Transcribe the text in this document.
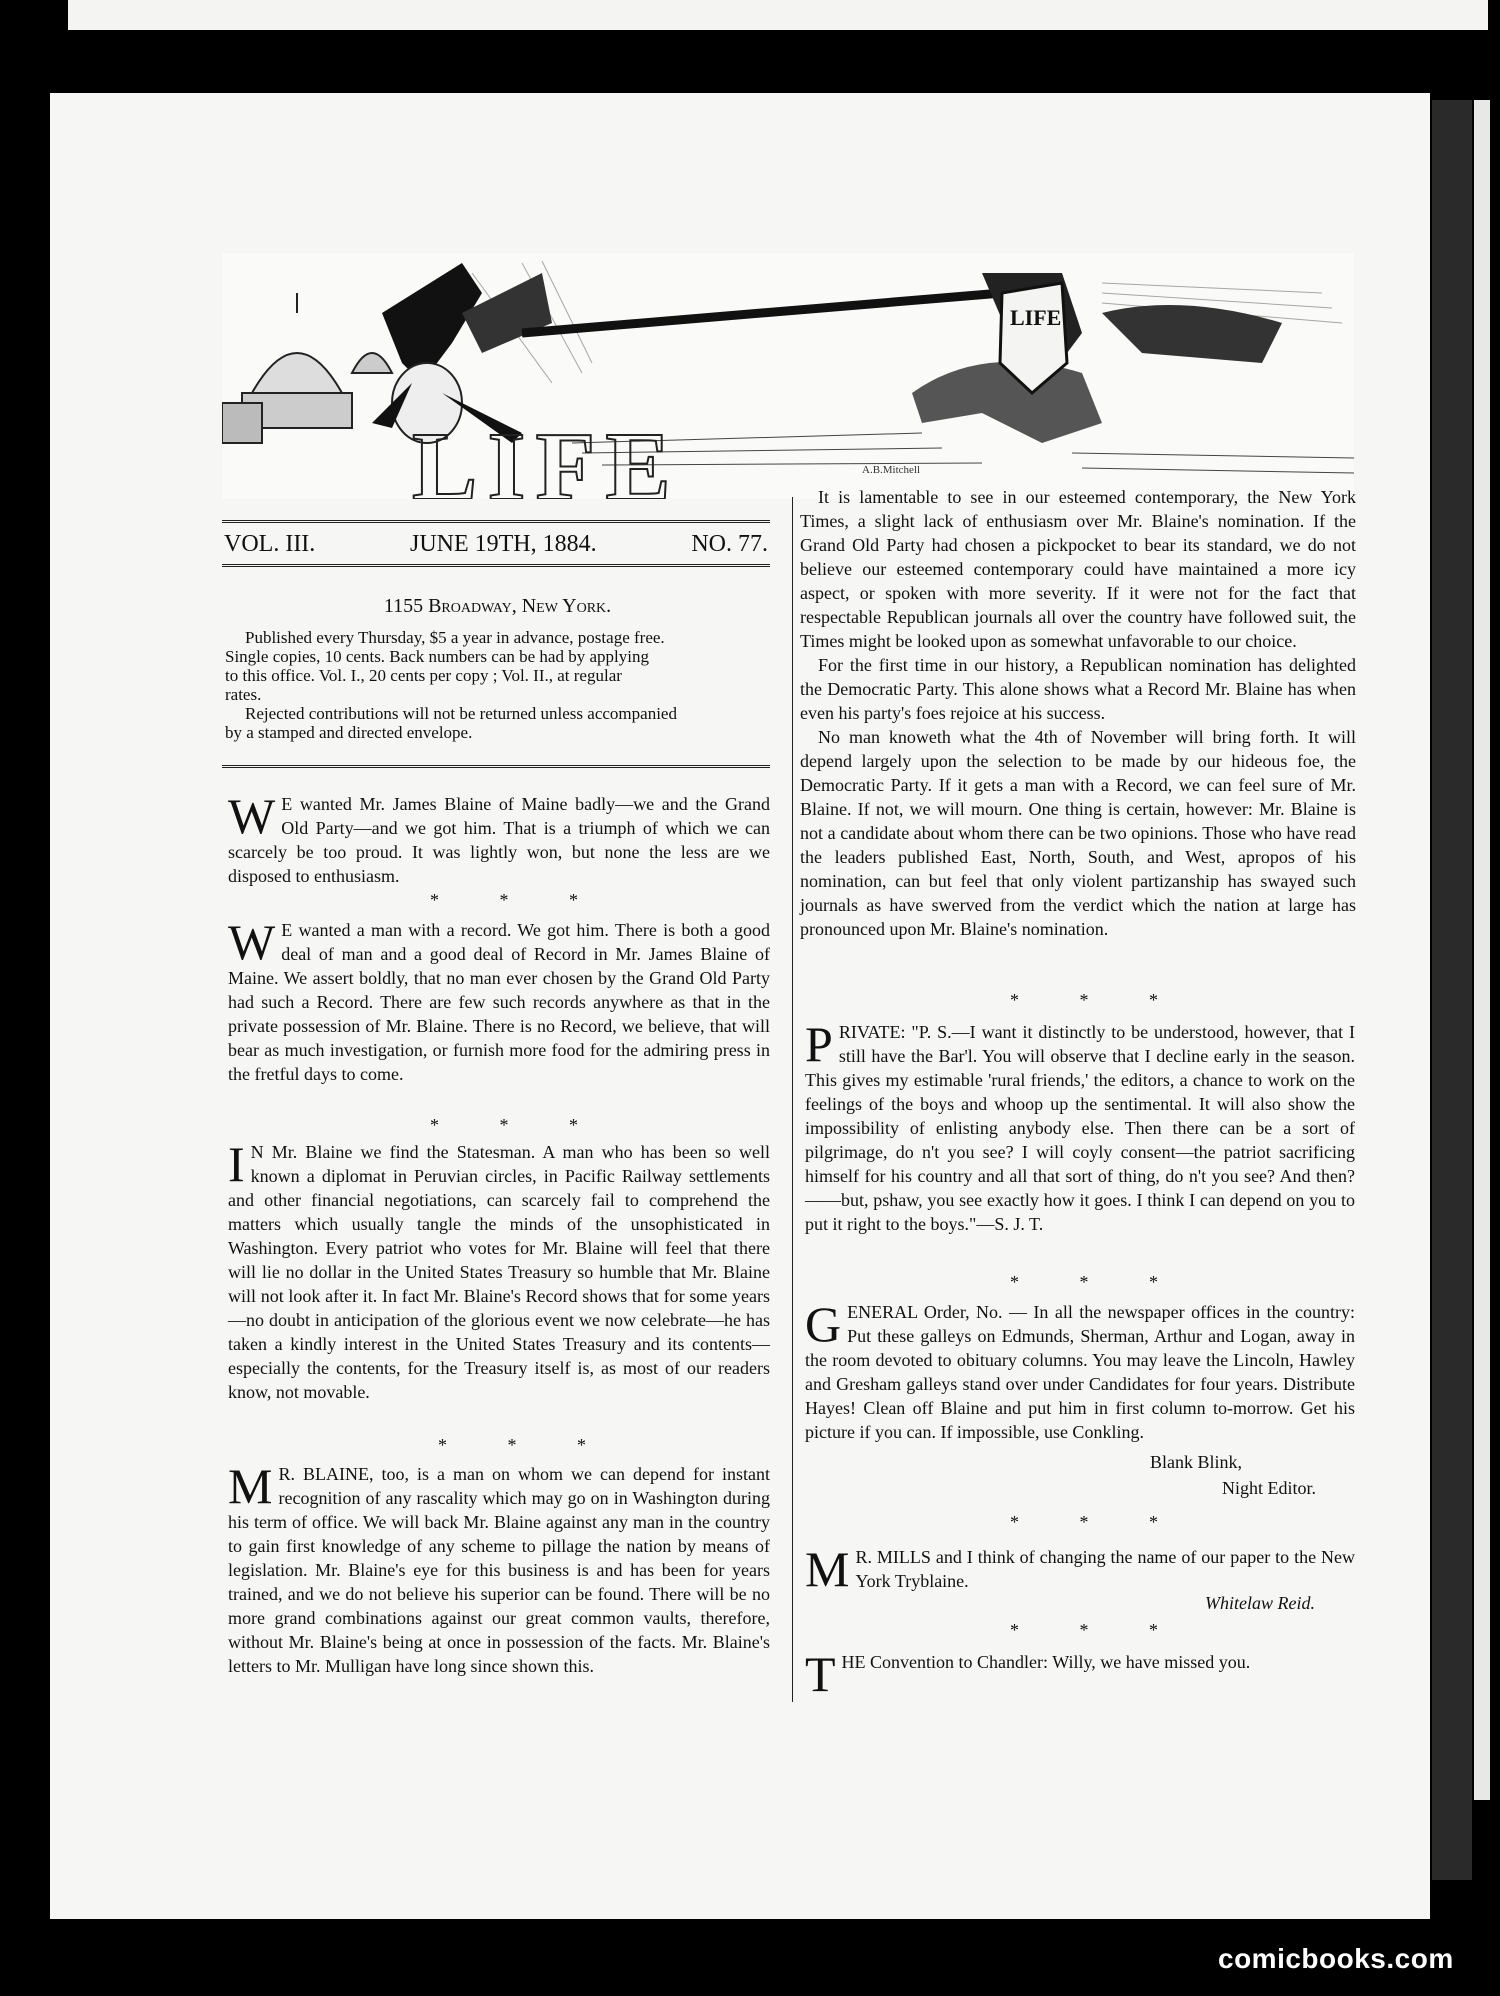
LIFE
A.B.Mitchell
LIFE
VOL. III.	JUNE 19TH, 1884.	NO. 77.
1155 Broadway, New York.

Published every Thursday, $5 a year in advance, postage free.
Single copies, 10 cents. Back numbers can be had by applying
to this office. Vol. I., 20 cents per copy ; Vol. II., at regular
rates.
Rejected contributions will not be returned unless accompanied
by a stamped and directed envelope.

W E wanted Mr. James Blaine of Maine badly—we and the Grand Old Party—and we got him. That is a triumph of which we can scarcely be too proud. It was lightly won, but none the less are we disposed to enthusiasm.

* * *
W E wanted a man with a record. We got him. There is both a good deal of man and a good deal of Record in Mr. James Blaine of Maine. We assert boldly, that no man ever chosen by the Grand Old Party had such a Record. There are few such records anywhere as that in the private possession of Mr. Blaine. There is no Record, we believe, that will bear as much investigation, or furnish more food for the admiring press in the fretful days to come.

* * *
I N Mr. Blaine we find the Statesman. A man who has been so well known a diplomat in Peruvian circles, in Pacific Railway settlements and other financial negotiations, can scarcely fail to comprehend the matters which usually tangle the minds of the unsophisticated in Washington. Every patriot who votes for Mr. Blaine will feel that there will lie no dollar in the United States Treasury so humble that Mr. Blaine will not look after it. In fact Mr. Blaine's Record shows that for some years—no doubt in anticipation of the glorious event we now celebrate—he has taken a kindly interest in the United States Treasury and its contents—especially the contents, for the Treasury itself is, as most of our readers know, not movable.

* * *
M R. BLAINE, too, is a man on whom we can depend for instant recognition of any rascality which may go on in Washington during his term of office. We will back Mr. Blaine against any man in the country to gain first knowledge of any scheme to pillage the nation by means of legislation. Mr. Blaine's eye for this business is and has been for years trained, and we do not believe his superior can be found. There will be no more grand combinations against our great common vaults, therefore, without Mr. Blaine's being at once in possession of the facts. Mr. Blaine's letters to Mr. Mulligan have long since shown this.

It is lamentable to see in our esteemed contemporary, the New York Times, a slight lack of enthusiasm over Mr. Blaine's nomination. If the Grand Old Party had chosen a pickpocket to bear its standard, we do not believe our esteemed contemporary could have maintained a more icy aspect, or spoken with more severity. If it were not for the fact that respectable Republican journals all over the country have followed suit, the Times might be looked upon as somewhat unfavorable to our choice.

For the first time in our history, a Republican nomination has delighted the Democratic Party. This alone shows what a Record Mr. Blaine has when even his party's foes rejoice at his success.

No man knoweth what the 4th of November will bring forth. It will depend largely upon the selection to be made by our hideous foe, the Democratic Party. If it gets a man with a Record, we can feel sure of Mr. Blaine. If not, we will mourn. One thing is certain, however: Mr. Blaine is not a candidate about whom there can be two opinions. Those who have read the leaders published East, North, South, and West, apropos of his nomination, can but feel that only violent partizanship has swayed such journals as have swerved from the verdict which the nation at large has pronounced upon Mr. Blaine's nomination.

* * *
P RIVATE: "P. S.—I want it distinctly to be understood, however, that I still have the Bar'l. You will observe that I decline early in the season. This gives my estimable 'rural friends,' the editors, a chance to work on the feelings of the boys and whoop up the sentimental. It will also show the impossibility of enlisting anybody else. Then there can be a sort of pilgrimage, do n't you see? I will coyly consent—the patriot sacrificing himself for his country and all that sort of thing, do n't you see? And then?——but, pshaw, you see exactly how it goes. I think I can depend on you to put it right to the boys."—S. J. T.

* * *
G ENERAL Order, No. — In all the newspaper offices in the country: Put these galleys on Edmunds, Sherman, Arthur and Logan, away in the room devoted to obituary columns. You may leave the Lincoln, Hawley and Gresham galleys stand over under Candidates for four years. Distribute Hayes! Clean off Blaine and put him in first column to-morrow. Get his picture if you can. If impossible, use Conkling.

Blank Blink,
Night Editor.
* * *
M R. MILLS and I think of changing the name of our paper to the New York Tryblaine.

Whitelaw Reid.
* * *
T HE Convention to Chandler: Willy, we have missed you.

comicbooks.com
